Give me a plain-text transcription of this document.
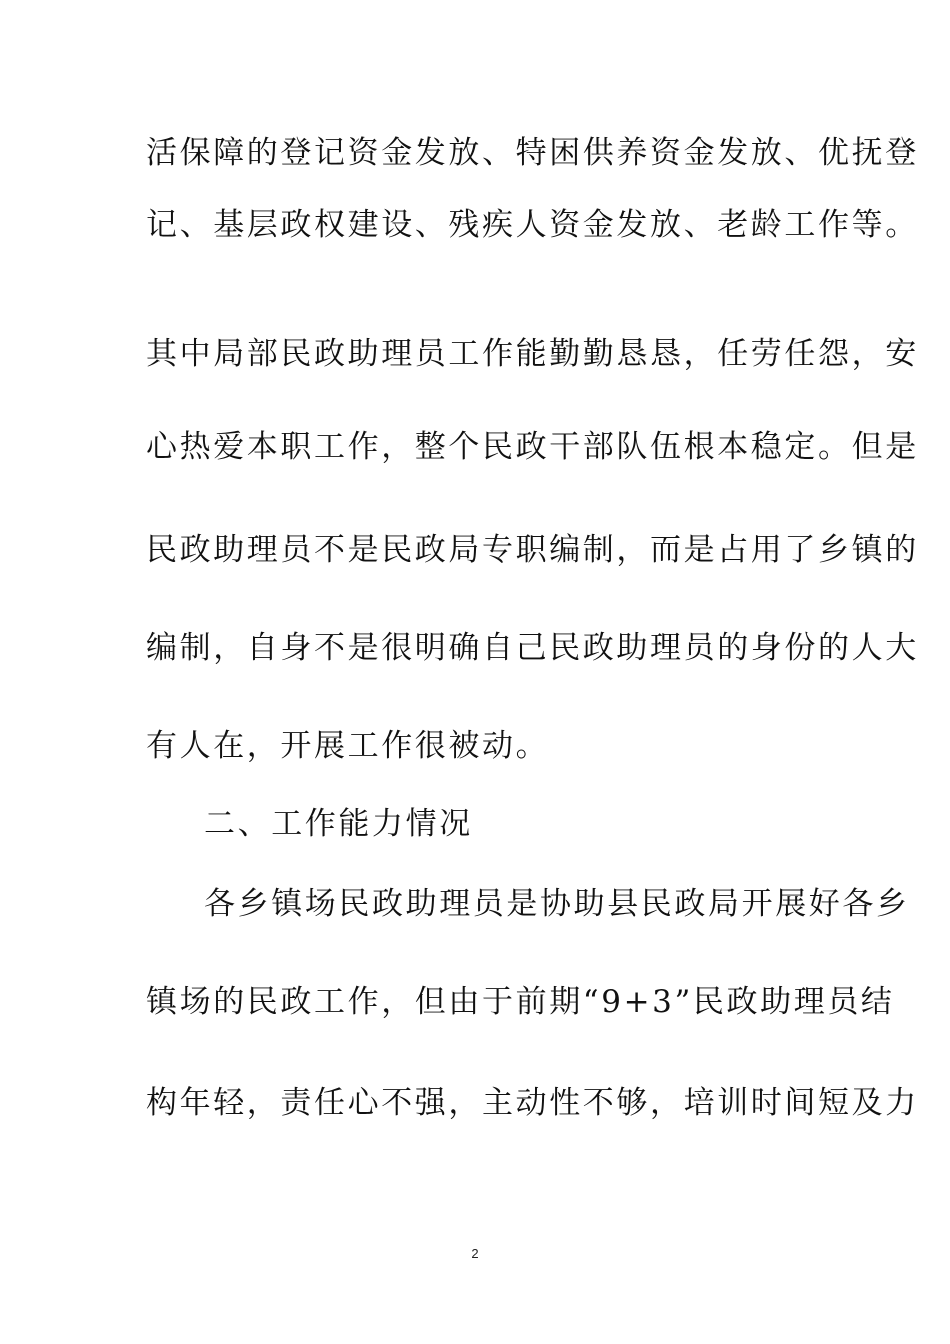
活保障的登记资金发放、特困供养资金发放、优抚登
记、基层政权建设、残疾人资金发放、老龄工作等。
其中局部民政助理员工作能勤勤恳恳，任劳任怨，安
心热爱本职工作，整个民政干部队伍根本稳定。但是
民政助理员不是民政局专职编制，而是占用了乡镇的
编制，自身不是很明确自己民政助理员的身份的人大
有人在，开展工作很被动。
二、工作能力情况
各乡镇场民政助理员是协助县民政局开展好各乡
镇场的民政工作，但由于前期“9+3”民政助理员结
构年轻，责任心不强，主动性不够，培训时间短及力
2
